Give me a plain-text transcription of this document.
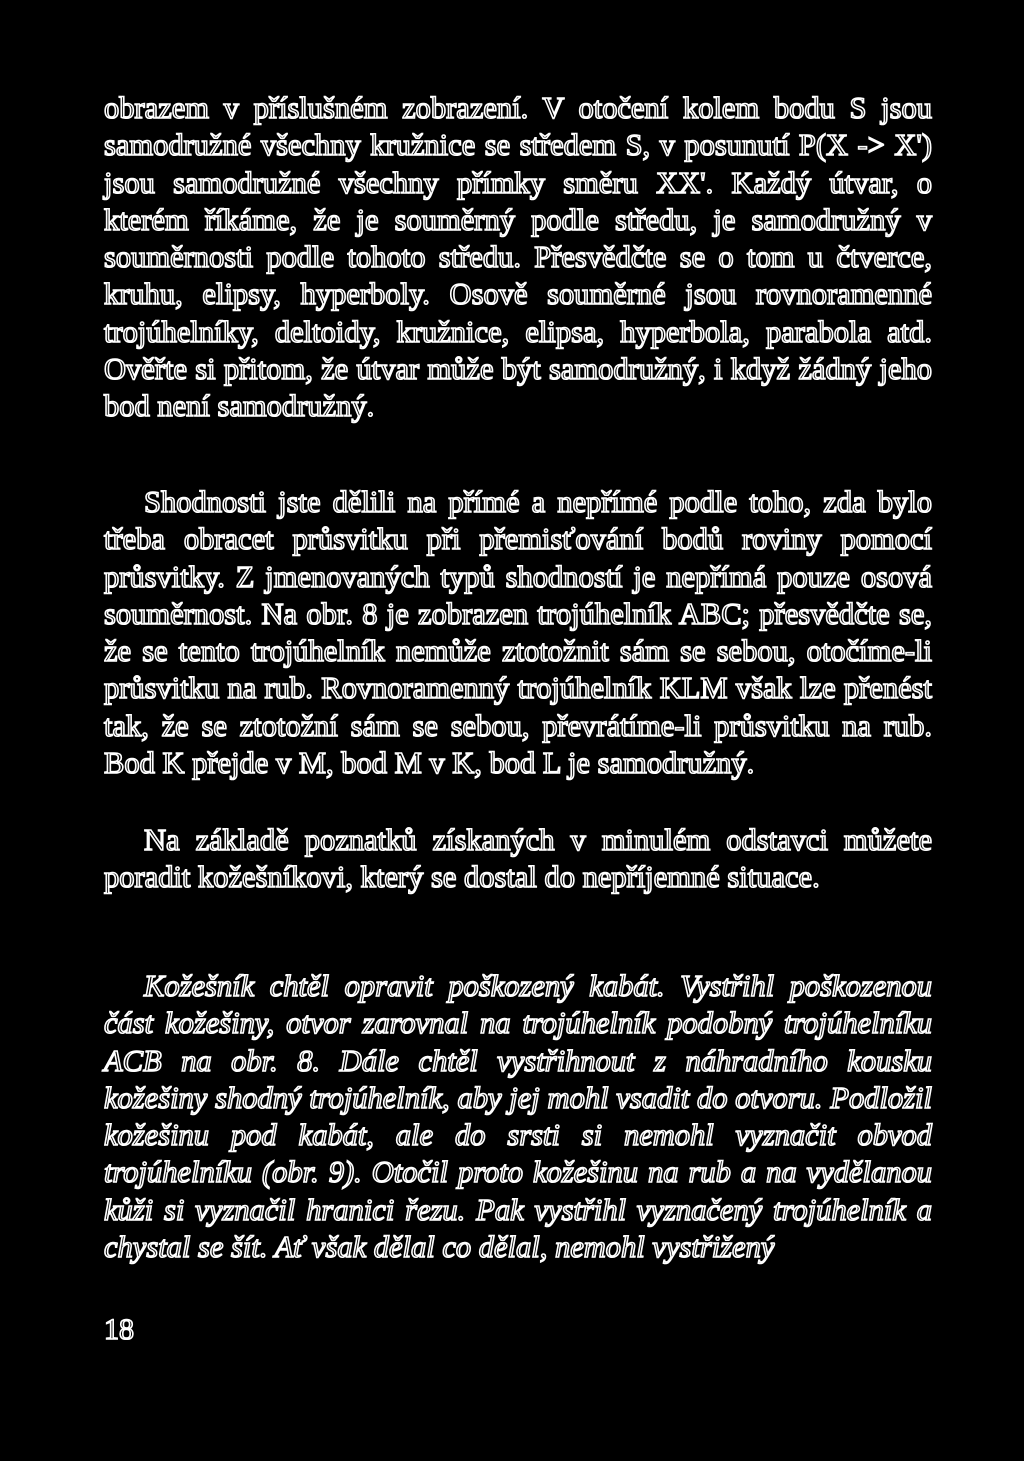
obrazem v příslušném zobrazení. V otočení kolem bodu S jsou samodružné všechny kružnice se středem S, v posunutí P(X -> X') jsou samodružné všechny přímky směru XX'. Každý útvar, o kterém říkáme, že je souměrný podle středu, je samodružný v souměrnosti podle tohoto středu. Přesvědčte se o tom u čtverce, kruhu, elipsy, hyperboly. Osově souměrné jsou rovnoramenné trojúhelníky, deltoidy, kružnice, elipsa, hyperbola, parabola atd. Ověřte si přitom, že útvar může být samodružný, i když žádný jeho bod není samodružný.

Shodnosti jste dělili na přímé a nepřímé podle toho, zda bylo třeba obracet průsvitku při přemisťování bodů roviny pomocí průsvitky. Z jmenovaných typů shodností je nepřímá pouze osová souměrnost. Na obr. 8 je zobrazen trojúhelník ABC; přesvědčte se, že se tento trojúhelník nemůže ztotožnit sám se sebou, otočíme-li průsvitku na rub. Rovnoramenný trojúhelník KLM však lze přenést tak, že se ztotožní sám se sebou, převrátíme-li průsvitku na rub. Bod K přejde v M, bod M v K, bod L je samodružný.

Na základě poznatků získaných v minulém odstavci můžete poradit kožešníkovi, který se dostal do nepříjemné situace.

Kožešník chtěl opravit poškozený kabát. Vystřihl poškozenou část kožešiny, otvor zarovnal na trojúhelník podobný trojúhelníku ACB na obr. 8. Dále chtěl vystřihnout z náhradního kousku kožešiny shodný trojúhelník, aby jej mohl vsadit do otvoru. Podložil kožešinu pod kabát, ale do srsti si nemohl vyznačit obvod trojúhelníku (obr. 9). Otočil proto kožešinu na rub a na vydělanou kůži si vyznačil hranici řezu. Pak vystřihl vyznačený trojúhelník a chystal se šít. Ať však dělal co dělal, nemohl vystřižený

18
